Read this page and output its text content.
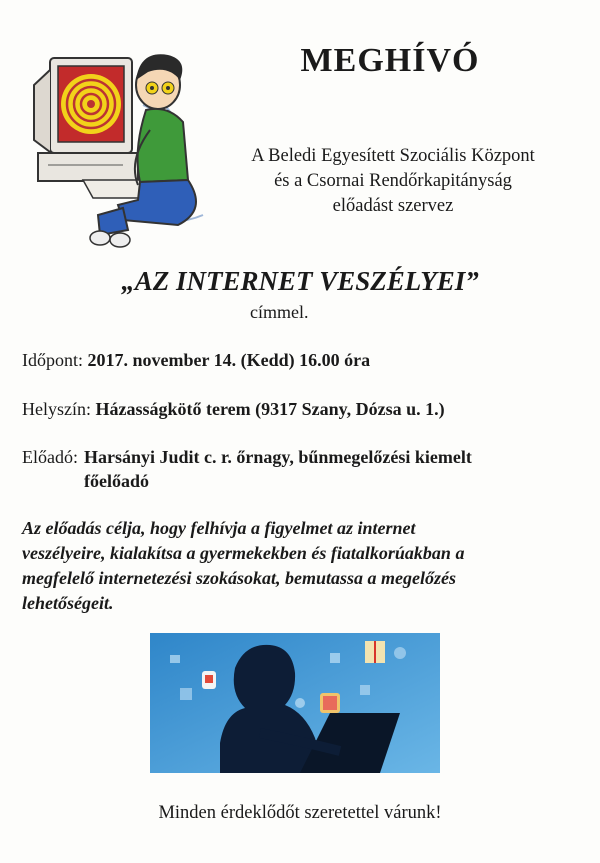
MEGHÍVÓ
A Beledi Egyesített Szociális Központ
és a Csornai Rendőrkapitányság
előadást szervez
„AZ INTERNET VESZÉLYEI”
címmel.
Időpont: 2017. november 14. (Kedd) 16.00 óra
Helyszín: Házasságkötő terem (9317 Szany, Dózsa u. 1.)
Előadó: Harsányi Judit c. r. őrnagy, bűnmegelőzési kiemelt
főelőadó
Az előadás célja, hogy felhívja a figyelmet az internet
veszélyeire, kialakítsa a gyermekekben és fiatalkorúakban a
megfelelő internetezési szokásokat, bemutassa a megelőzés
lehetőségeit.
Minden érdeklődőt szeretettel várunk!
